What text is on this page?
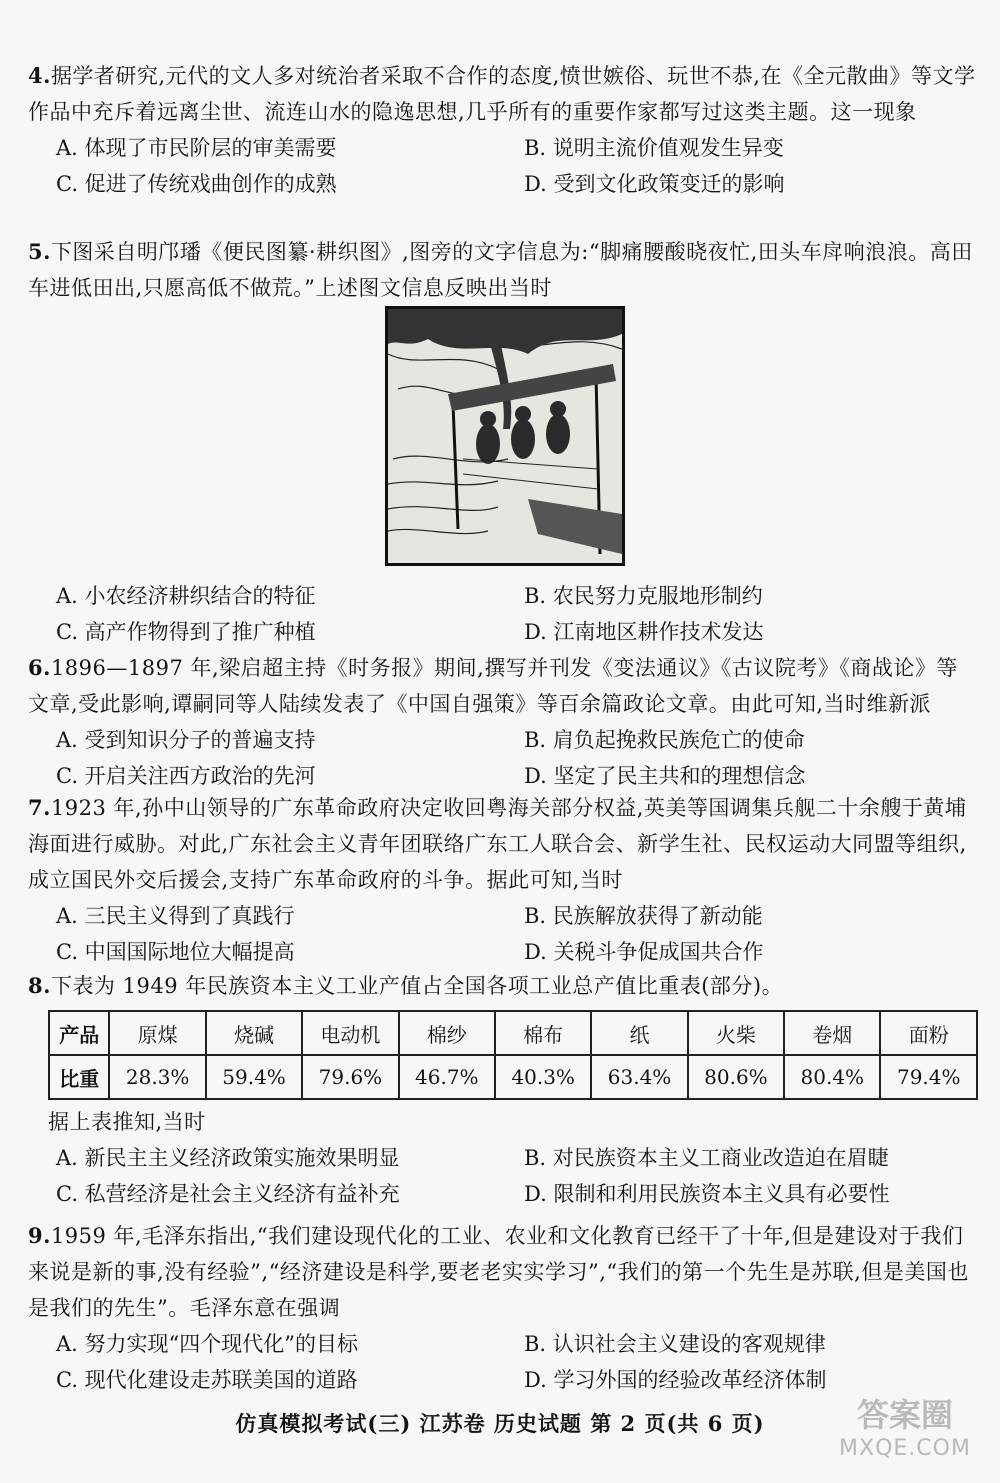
4.据学者研究,元代的文人多对统治者采取不合作的态度,愤世嫉俗、玩世不恭,在《全元散曲》等文学作品中充斥着远离尘世、流连山水的隐逸思想,几乎所有的重要作家都写过这类主题。这一现象

A. 体现了市民阶层的审美需要	B. 说明主流价值观发生异变
C. 促进了传统戏曲创作的成熟	D. 受到文化政策变迁的影响

5.下图采自明邝璠《便民图纂·耕织图》,图旁的文字信息为:“脚痛腰酸晓夜忙,田头车戽响浪浪。高田车进低田出,只愿高低不做荒。”上述图文信息反映出当时

A. 小农经济耕织结合的特征	B. 农民努力克服地形制约
C. 高产作物得到了推广种植	D. 江南地区耕作技术发达

6.1896—1897 年,梁启超主持《时务报》期间,撰写并刊发《变法通议》《古议院考》《商战论》等文章,受此影响,谭嗣同等人陆续发表了《中国自强策》等百余篇政论文章。由此可知,当时维新派

A. 受到知识分子的普遍支持	B. 肩负起挽救民族危亡的使命
C. 开启关注西方政治的先河	D. 坚定了民主共和的理想信念

7.1923 年,孙中山领导的广东革命政府决定收回粤海关部分权益,英美等国调集兵舰二十余艘于黄埔海面进行威胁。对此,广东社会主义青年团联络广东工人联合会、新学生社、民权运动大同盟等组织,成立国民外交后援会,支持广东革命政府的斗争。据此可知,当时

A. 三民主义得到了真践行	B. 民族解放获得了新动能
C. 中国国际地位大幅提高	D. 关税斗争促成国共合作

8.下表为 1949 年民族资本主义工业产值占全国各项工业总产值比重表(部分)。

产品	原煤	烧碱	电动机	棉纱	棉布	纸	火柴	卷烟	面粉
比重	28.3%	59.4%	79.6%	46.7%	40.3%	63.4%	80.6%	80.4%	79.4%

据上表推知,当时

A. 新民主主义经济政策实施效果明显	B. 对民族资本主义工商业改造迫在眉睫
C. 私营经济是社会主义经济有益补充	D. 限制和利用民族资本主义具有必要性

9.1959 年,毛泽东指出,“我们建设现代化的工业、农业和文化教育已经干了十年,但是建设对于我们来说是新的事,没有经验”,“经济建设是科学,要老老实实学习”,“我们的第一个先生是苏联,但是美国也是我们的先生”。毛泽东意在强调

A. 努力实现“四个现代化”的目标	B. 认识社会主义建设的客观规律
C. 现代化建设走苏联美国的道路	D. 学习外国的经验改革经济体制
仿真模拟考试(三) 江苏卷 历史试题 第 2 页(共 6 页)	答案圈
MXQE.COM
